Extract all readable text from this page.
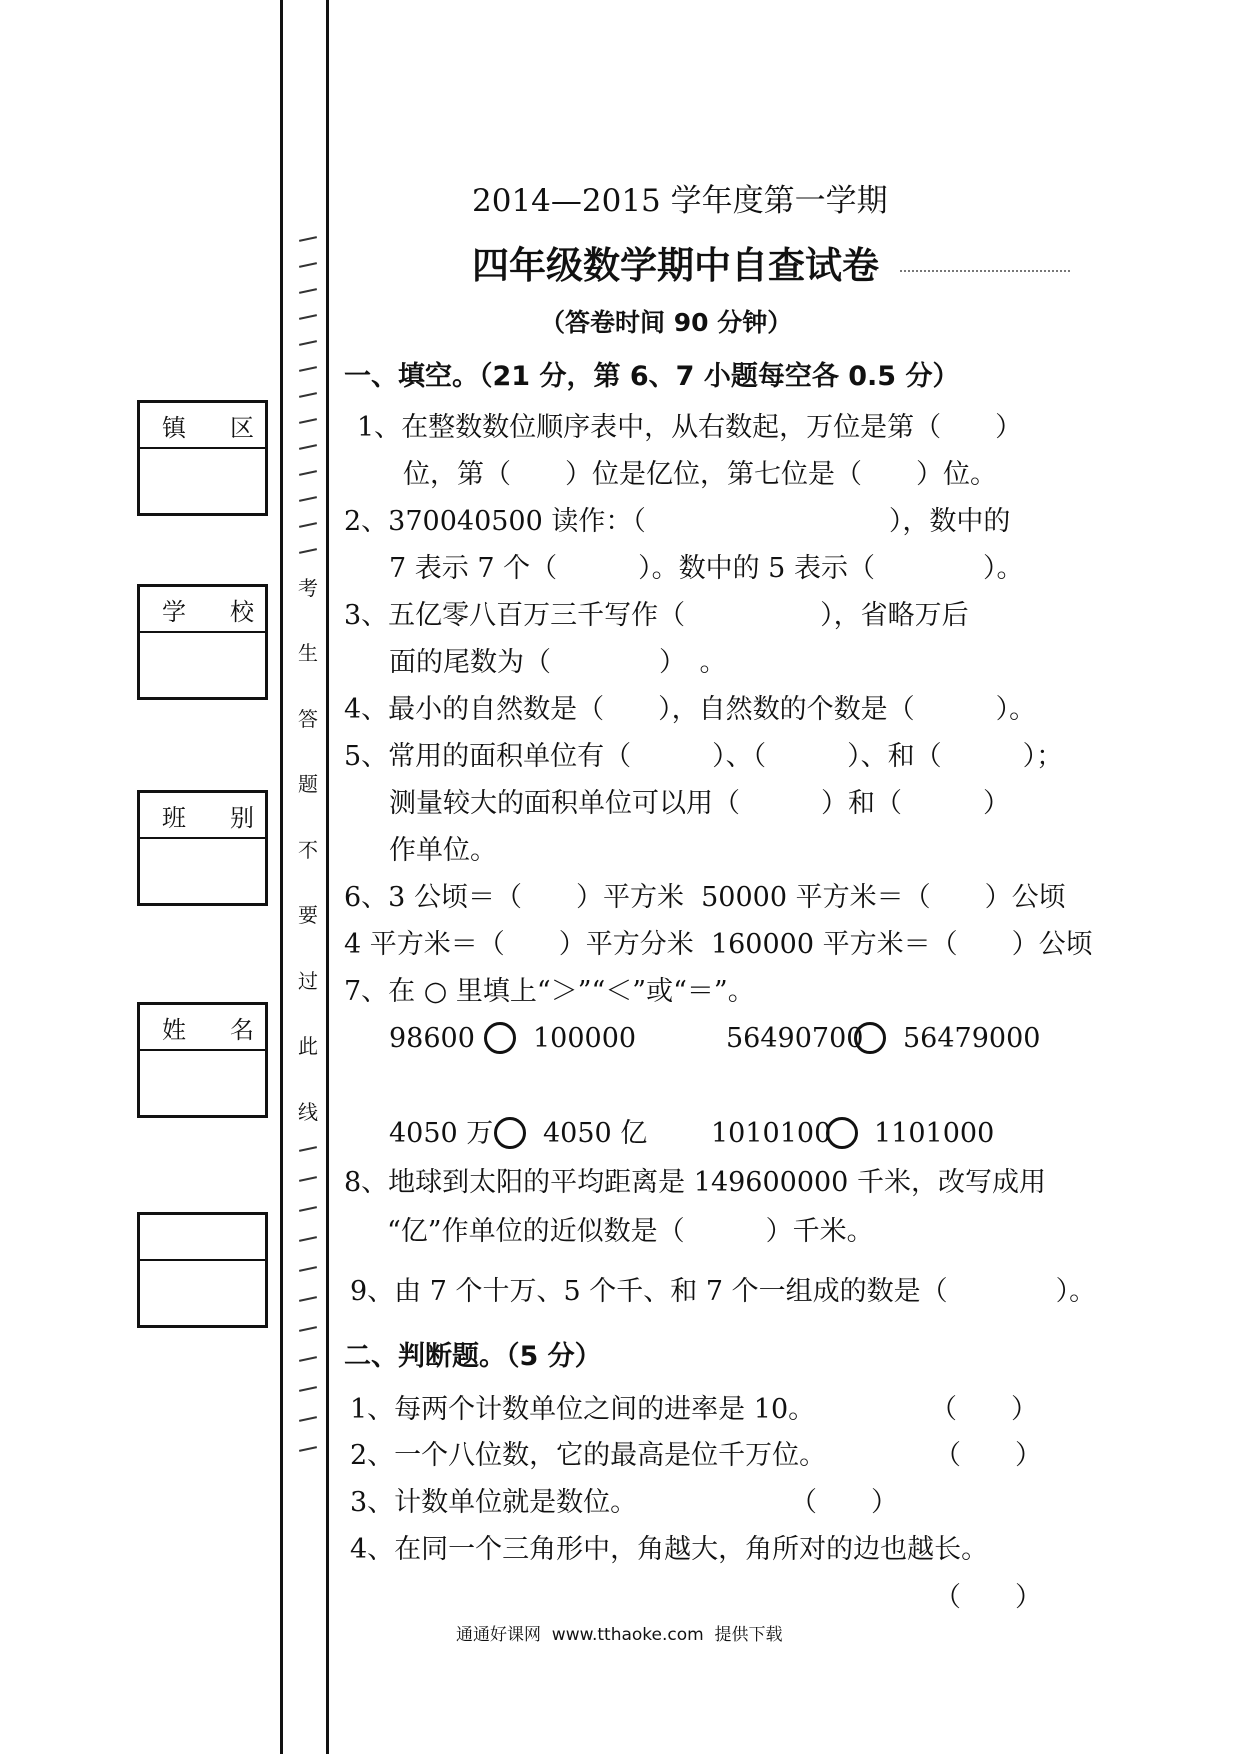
考
生
答
题
不
要
过
此
线
镇 区
学 校
班 别
姓 名
2014—2015 学年度第一学期
四年级数学期中自查试卷
（答卷时间 90 分钟）
一、填空。（21 分，第 6、7 小题每空各 0.5 分）
1、在整数数位顺序表中，从右数起，万位是第（　　）
位，第（　　）位是亿位，第七位是（　　）位。
2、370040500 读作：（　　　　　　　　　），数中的
7 表示 7 个（　　　）。数中的 5 表示（　　　　）。
3、五亿零八百万三千写作（　　　　　），省略万后
面的尾数为（　　　　）　。
4、最小的自然数是（　　），自然数的个数是（　　　）。
5、常用的面积单位有（　　　）、（　　　）、和（　　　）；
测量较大的面积单位可以用（　　　）和（　　　）
作单位。
6、3 公顷＝（　　）平方米  50000 平方米＝（　　）公顷
4 平方米＝（　　）平方分米  160000 平方米＝（　　）公顷
7、在 ○ 里填上“＞”“＜”或“＝”。
98600 100000	56490700 56479000
4050 万 4050 亿 1010100 1101000
8、地球到太阳的平均距离是 149600000 千米，改写成用
“亿”作单位的近似数是（　　　）千米。
9、由 7 个十万、5 个千、和 7 个一组成的数是（　　　　）。
二、判断题。（5 分）
1、每两个计数单位之间的进率是 10。	（　　）
2、一个八位数，它的最高是位千万位。	（　　）
3、计数单位就是数位。	（　　）
4、在同一个三角形中，角越大，角所对的边也越长。
（　　）
通通好课网  www.tthaoke.com  提供下载
